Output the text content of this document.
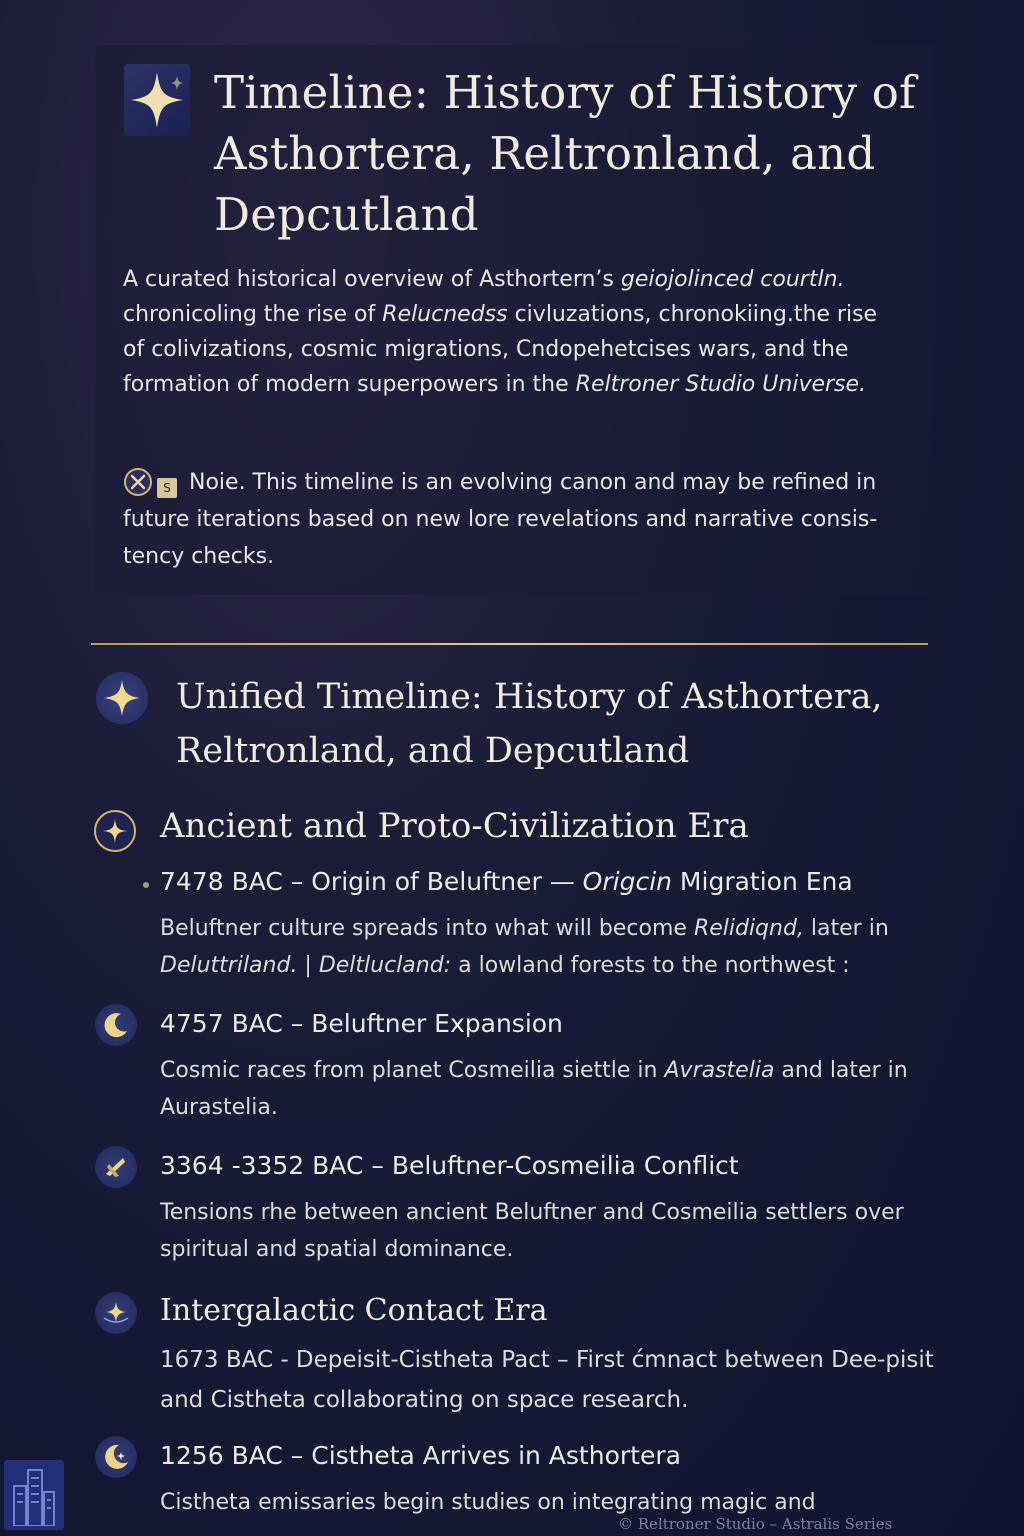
Timeline: History of History of Asthortera, Reltronland, and Depcutland

A curated historical overview of Asthortern’s geiojolinced courtln. chronicoling the rise of Relucnedss civluzations, chronokiing.the rise of colivizations, cosmic migrations, Cndopehetcises wars, and the formation of modern superpowers in the Reltroner Studio Universe.

S Noie. This timeline is an evolving canon and may be refined in future iterations based on new lore revelations and narrative consis-tency checks.

Unified Timeline: History of Asthortera, Reltronland, and Depcutland
Ancient and Proto-Civilization Era

7478 BAC – Origin of Beluftner — Origcin Migration Ena

Beluftner culture spreads into what will become Relidiqnd, later in Deluttriland. | Deltlucland: a lowland forests to the northwest :

4757 BAC – Beluftner Expansion

Cosmic races from planet Cosmeilia siettle in Avrastelia and later in Aurastelia.

3364 -3352 BAC – Beluftner-Cosmeilia Conflict

Tensions rhe between ancient Beluftner and Cosmeilia settlers over spiritual and spatial dominance.

Intergalactic Contact Era

1673 BAC - Depeisit-Cistheta Pact – First ćmnact between Dee-pisit and Cistheta collaborating on space research.

1256 BAC – Cistheta Arrives in Asthortera

Cistheta emissaries begin studies on integrating magic and

© Reltroner Studio – Astralis Series
